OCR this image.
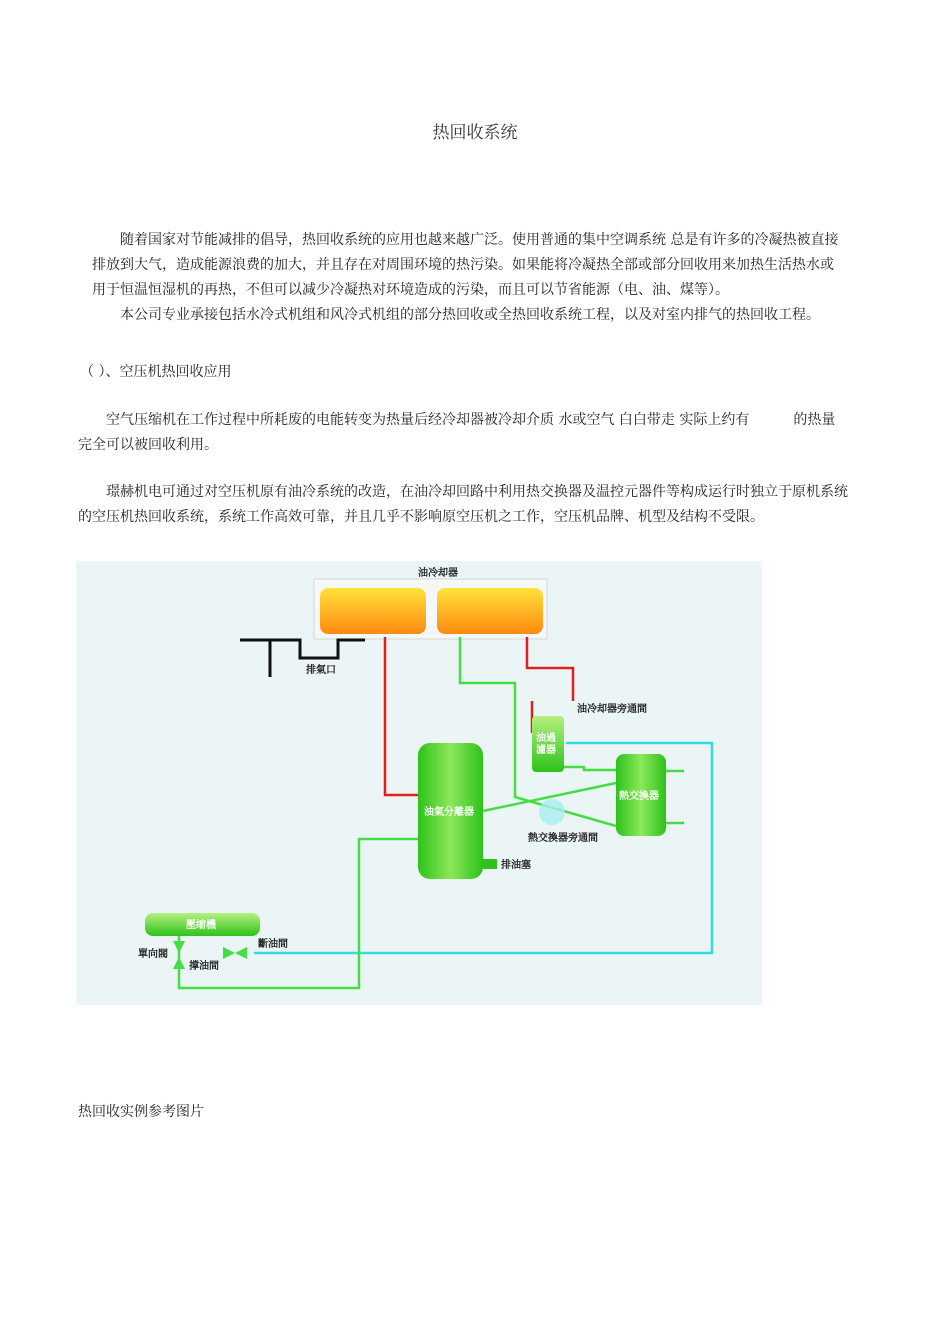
热回收系统
随着国家对节能减排的倡导，热回收系统的应用也越来越广泛。使用普通的集中空调系统 总是有许多的冷凝热被直接
排放到大气，造成能源浪费的加大，并且存在对周围环境的热污染。如果能将冷凝热全部或部分回收用来加热生活热水或
用于恒温恒湿机的再热，不但可以减少冷凝热对环境造成的污染，而且可以节省能源（电、油、煤等）。
本公司专业承接包括水冷式机组和风冷式机组的部分热回收或全热回收系统工程，以及对室内排气的热回收工程。
（ ）、空压机热回收应用
空气压缩机在工作过程中所耗废的电能转变为热量后经冷却器被冷却介质 水或空气 白白带走 实际上约有	的热量
完全可以被回收利用。
璟赫机电可通过对空压机原有油冷系统的改造，在油冷却回路中利用热交换器及温控元器件等构成运行时独立于原机系统
的空压机热回收系统，系统工作高效可靠，并且几乎不影响原空压机之工作，空压机品牌、机型及结构不受限。
油冷却器
排氣口
油冷却器旁通間
油過
濾器
熱交換器
熱交換器旁通間
油氣分離器
排油塞
壓缩機
單向閥
斷油間
撑油間
热回收实例参考图片
